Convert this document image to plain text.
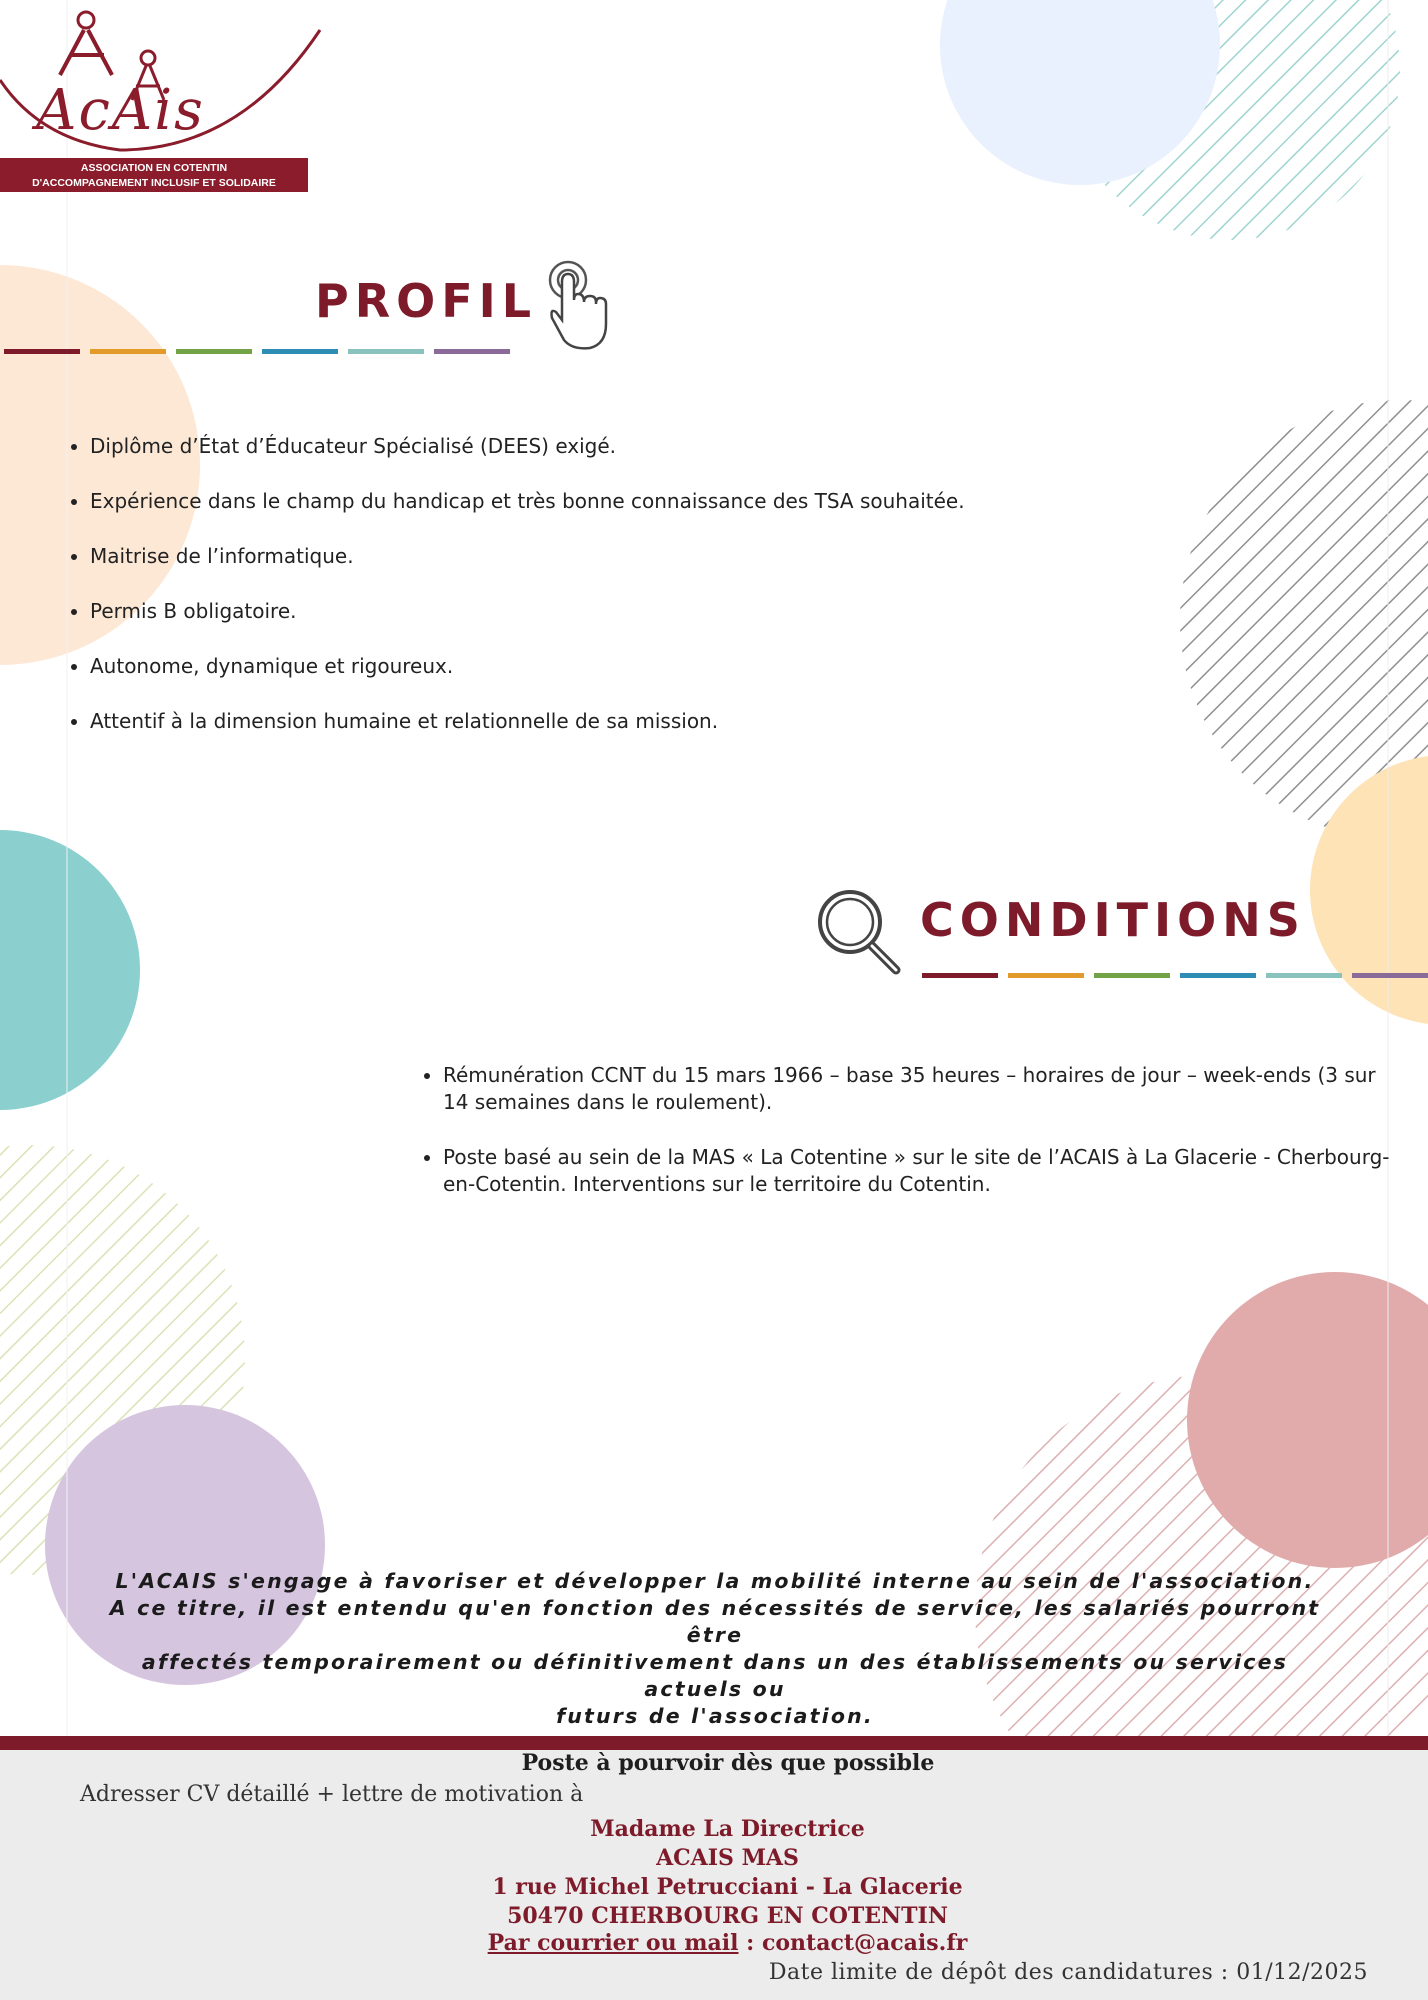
AcAis
ASSOCIATION EN COTENTIN
D'ACCOMPAGNEMENT INCLUSIF ET SOLIDAIRE
PROFIL
• Diplôme d’État d’Éducateur Spécialisé (DEES) exigé.
• Expérience dans le champ du handicap et très bonne connaissance des TSA souhaitée.
• Maitrise de l’informatique.
• Permis B obligatoire.
• Autonome, dynamique et rigoureux.
• Attentif à la dimension humaine et relationnelle de sa mission.
CONDITIONS
• Rémunération CCNT du 15 mars 1966 – base 35 heures – horaires de jour – week-ends (3 sur 14 semaines dans le roulement).
• Poste basé au sein de la MAS « La Cotentine » sur le site de l’ACAIS à La Glacerie - Cherbourg-en-Cotentin. Interventions sur le territoire du Cotentin.
L'ACAIS s'engage à favoriser et développer la mobilité interne au sein de l'association.
A ce titre, il est entendu qu'en fonction des nécessités de service, les salariés pourront être
affectés temporairement ou définitivement dans un des établissements ou services actuels ou
futurs de l'association.
Poste à pourvoir dès que possible
Adresser CV détaillé + lettre de motivation à
Madame La Directrice
ACAIS MAS
1 rue Michel Petrucciani - La Glacerie
50470 CHERBOURG EN COTENTIN
Par courrier ou mail : contact@acais.fr
Date limite de dépôt des candidatures : 01/12/2025
